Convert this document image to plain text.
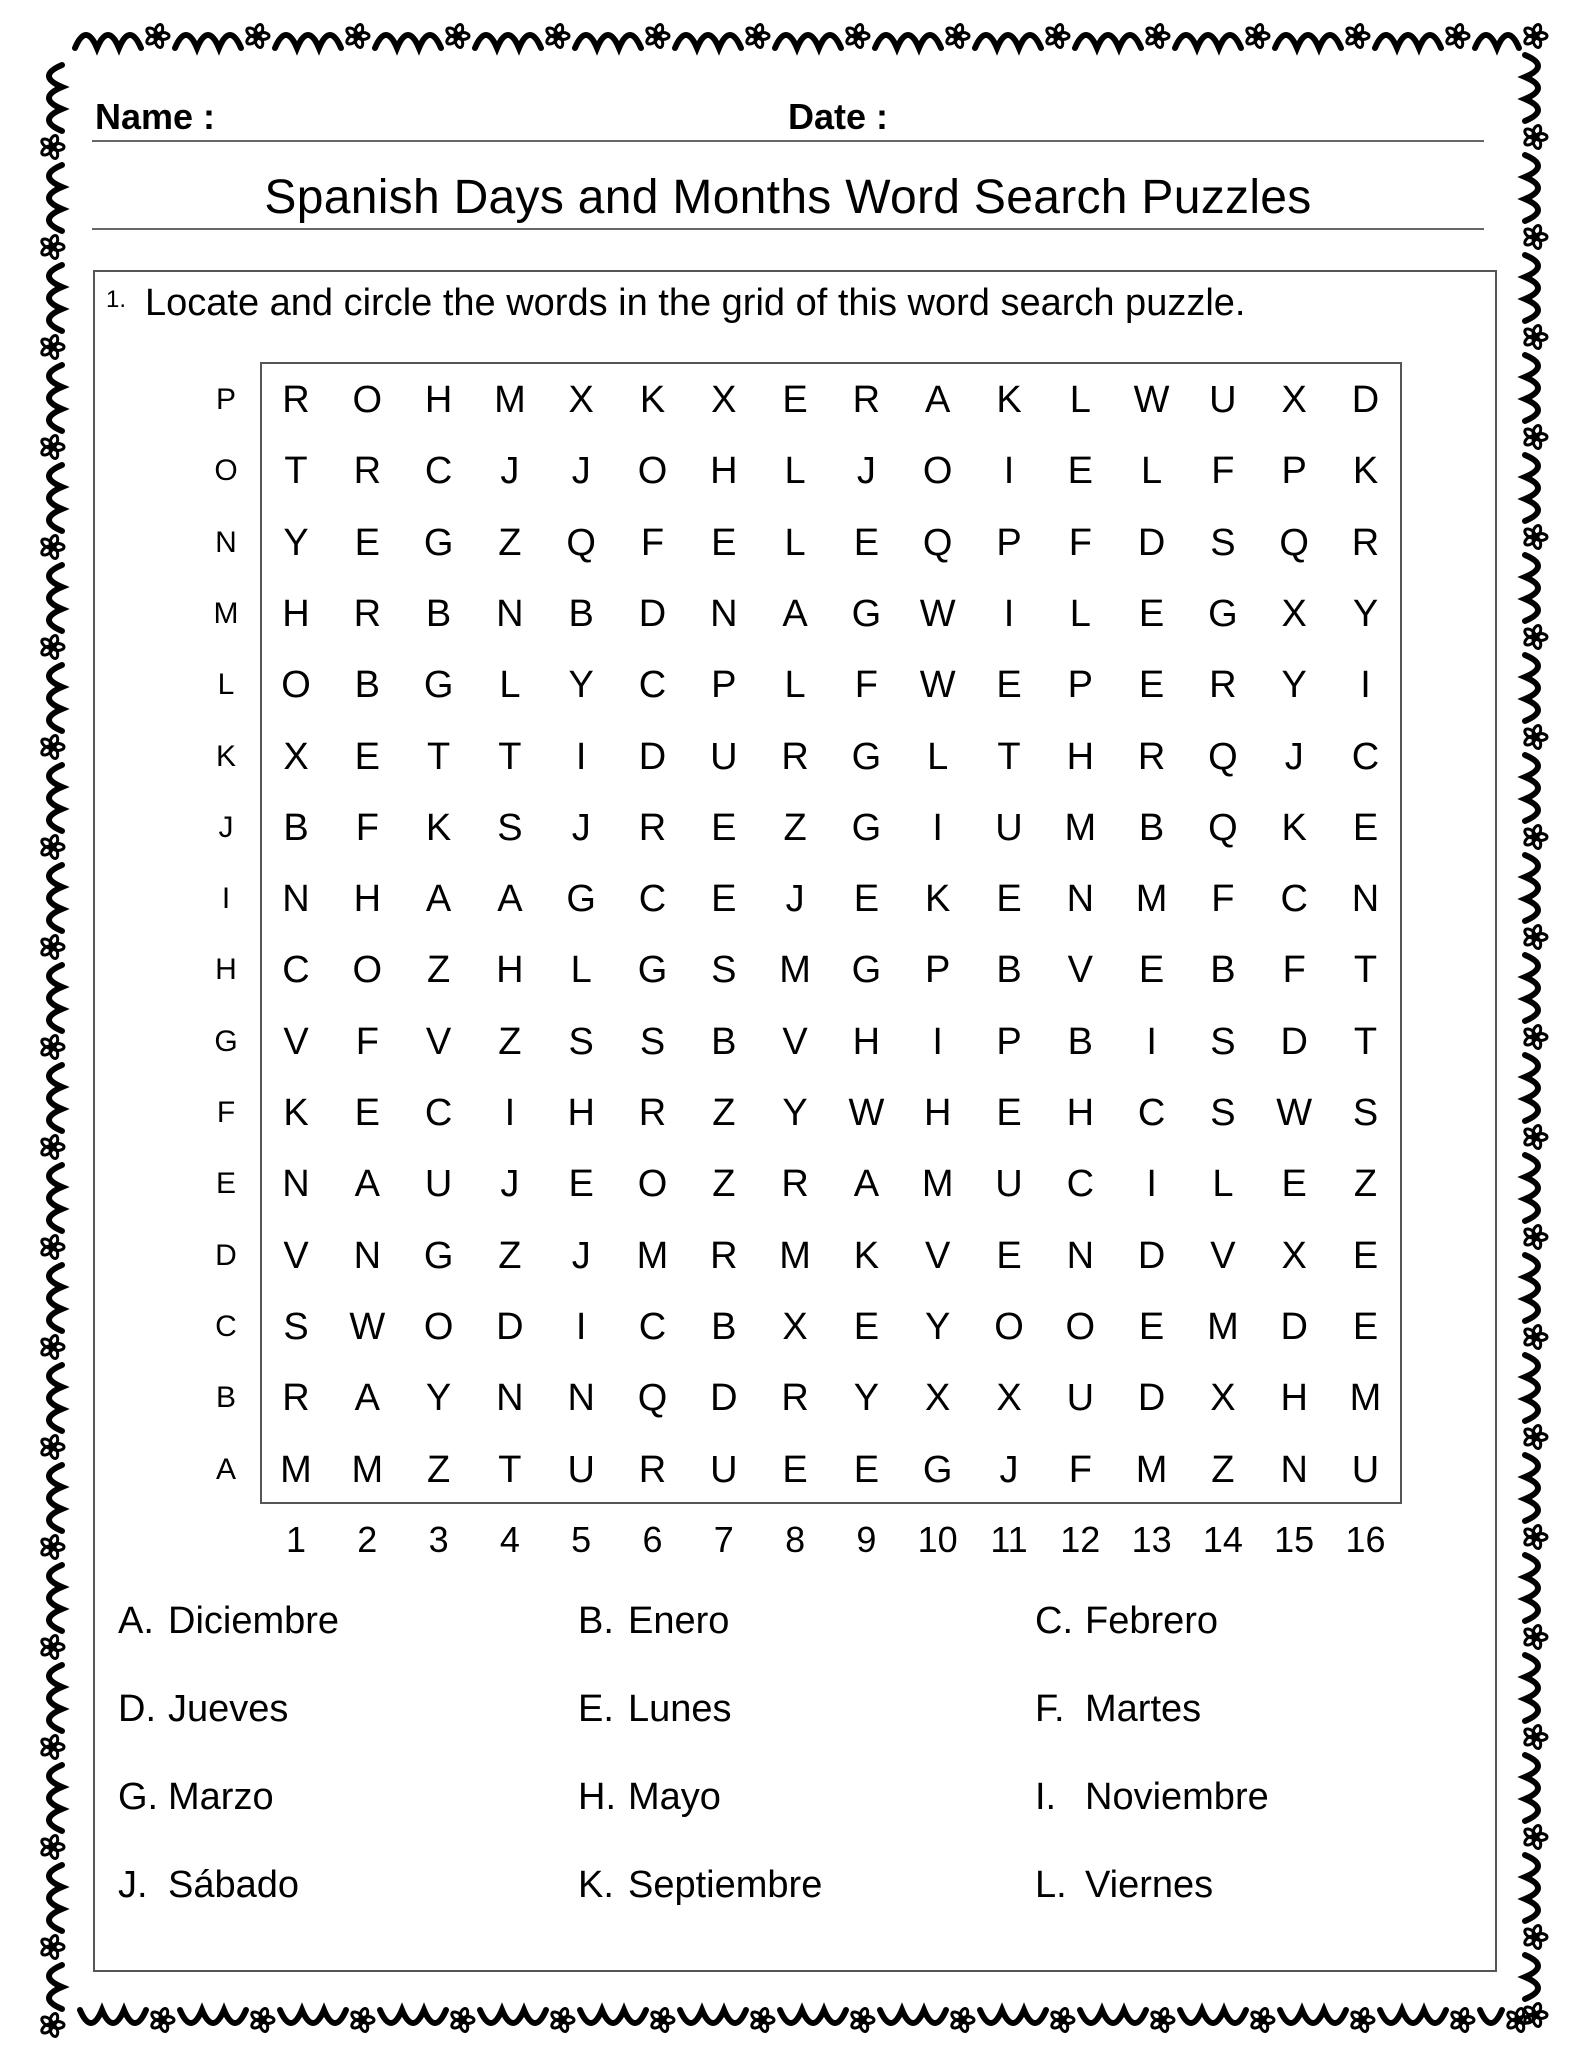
Name :	Date :
Spanish Days and Months Word Search Puzzles
1. Locate and circle the words in the grid of this word search puzzle.
P	R	O	H	M	X	K	X	E	R	A	K	L	W	U	X	D
O	T	R	C	J	J	O	H	L	J	O	I	E	L	F	P	K
N	Y	E	G	Z	Q	F	E	L	E	Q	P	F	D	S	Q	R
M	H	R	B	N	B	D	N	A	G	W	I	L	E	G	X	Y
L	O	B	G	L	Y	C	P	L	F	W	E	P	E	R	Y	I
K	X	E	T	T	I	D	U	R	G	L	T	H	R	Q	J	C
J	B	F	K	S	J	R	E	Z	G	I	U	M	B	Q	K	E
I	N	H	A	A	G	C	E	J	E	K	E	N	M	F	C	N
H	C	O	Z	H	L	G	S	M	G	P	B	V	E	B	F	T
G	V	F	V	Z	S	S	B	V	H	I	P	B	I	S	D	T
F	K	E	C	I	H	R	Z	Y	W	H	E	H	C	S	W	S
E	N	A	U	J	E	O	Z	R	A	M	U	C	I	L	E	Z
D	V	N	G	Z	J	M	R	M	K	V	E	N	D	V	X	E
C	S	W	O	D	I	C	B	X	E	Y	O	O	E	M	D	E
B	R	A	Y	N	N	Q	D	R	Y	X	X	U	D	X	H	M
A	M	M	Z	T	U	R	U	E	E	G	J	F	M	Z	N	U
1	2	3	4	5	6	7	8	9	10 11 12 13 14 15 16
A. Diciembre	B. Enero	C. Febrero
D. Jueves	E. Lunes	F. Martes
G. Marzo	H. Mayo	I. Noviembre
J. Sábado	K. Septiembre	L. Viernes
